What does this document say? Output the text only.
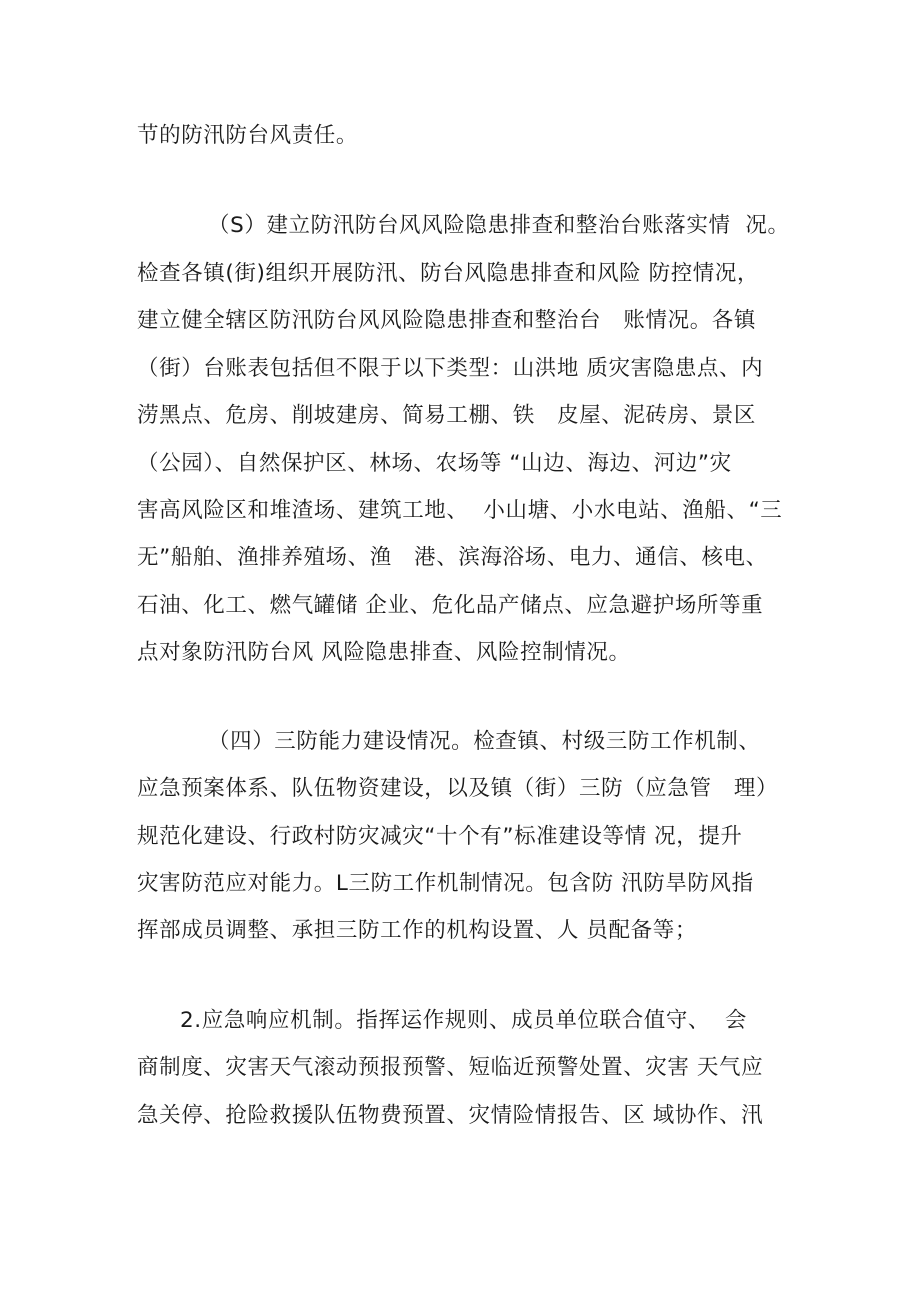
节的防汛防台风责任。

（S）建立防汛防台风风险隐患排查和整治台账落实情  况。

检查各镇(街)组织开展防汛、防台风隐患排查和风险 防控情况，

建立健全辖区防汛防台风风险隐患排查和整治台   账情况。各镇

（街）台账表包括但不限于以下类型：山洪地 质灾害隐患点、内

涝黑点、危房、削坡建房、简易工棚、铁   皮屋、泥砖房、景区

（公园）、自然保护区、林场、农场等 “山边、海边、河边”灾

害高风险区和堆渣场、建筑工地、  小山塘、小水电站、渔船、“三

无”船舶、渔排养殖场、渔   港、滨海浴场、电力、通信、核电、

石油、化工、燃气罐储 企业、危化品产储点、应急避护场所等重

点对象防汛防台风 风险隐患排查、风险控制情况。

（四）三防能力建设情况。检查镇、村级三防工作机制、

应急预案体系、队伍物资建设，以及镇（街）三防（应急管   理）

规范化建设、行政村防灾减灾“十个有”标准建设等情 况，提升

灾害防范应对能力。L三防工作机制情况。包含防 汛防旱防风指

挥部成员调整、承担三防工作的机构设置、人 员配备等；

2.应急响应机制。指挥运作规则、成员单位联合值守、  会

商制度、灾害天气滚动预报预警、短临近预警处置、灾害 天气应

急关停、抢险救援队伍物费预置、灾情险情报告、区 域协作、汛
